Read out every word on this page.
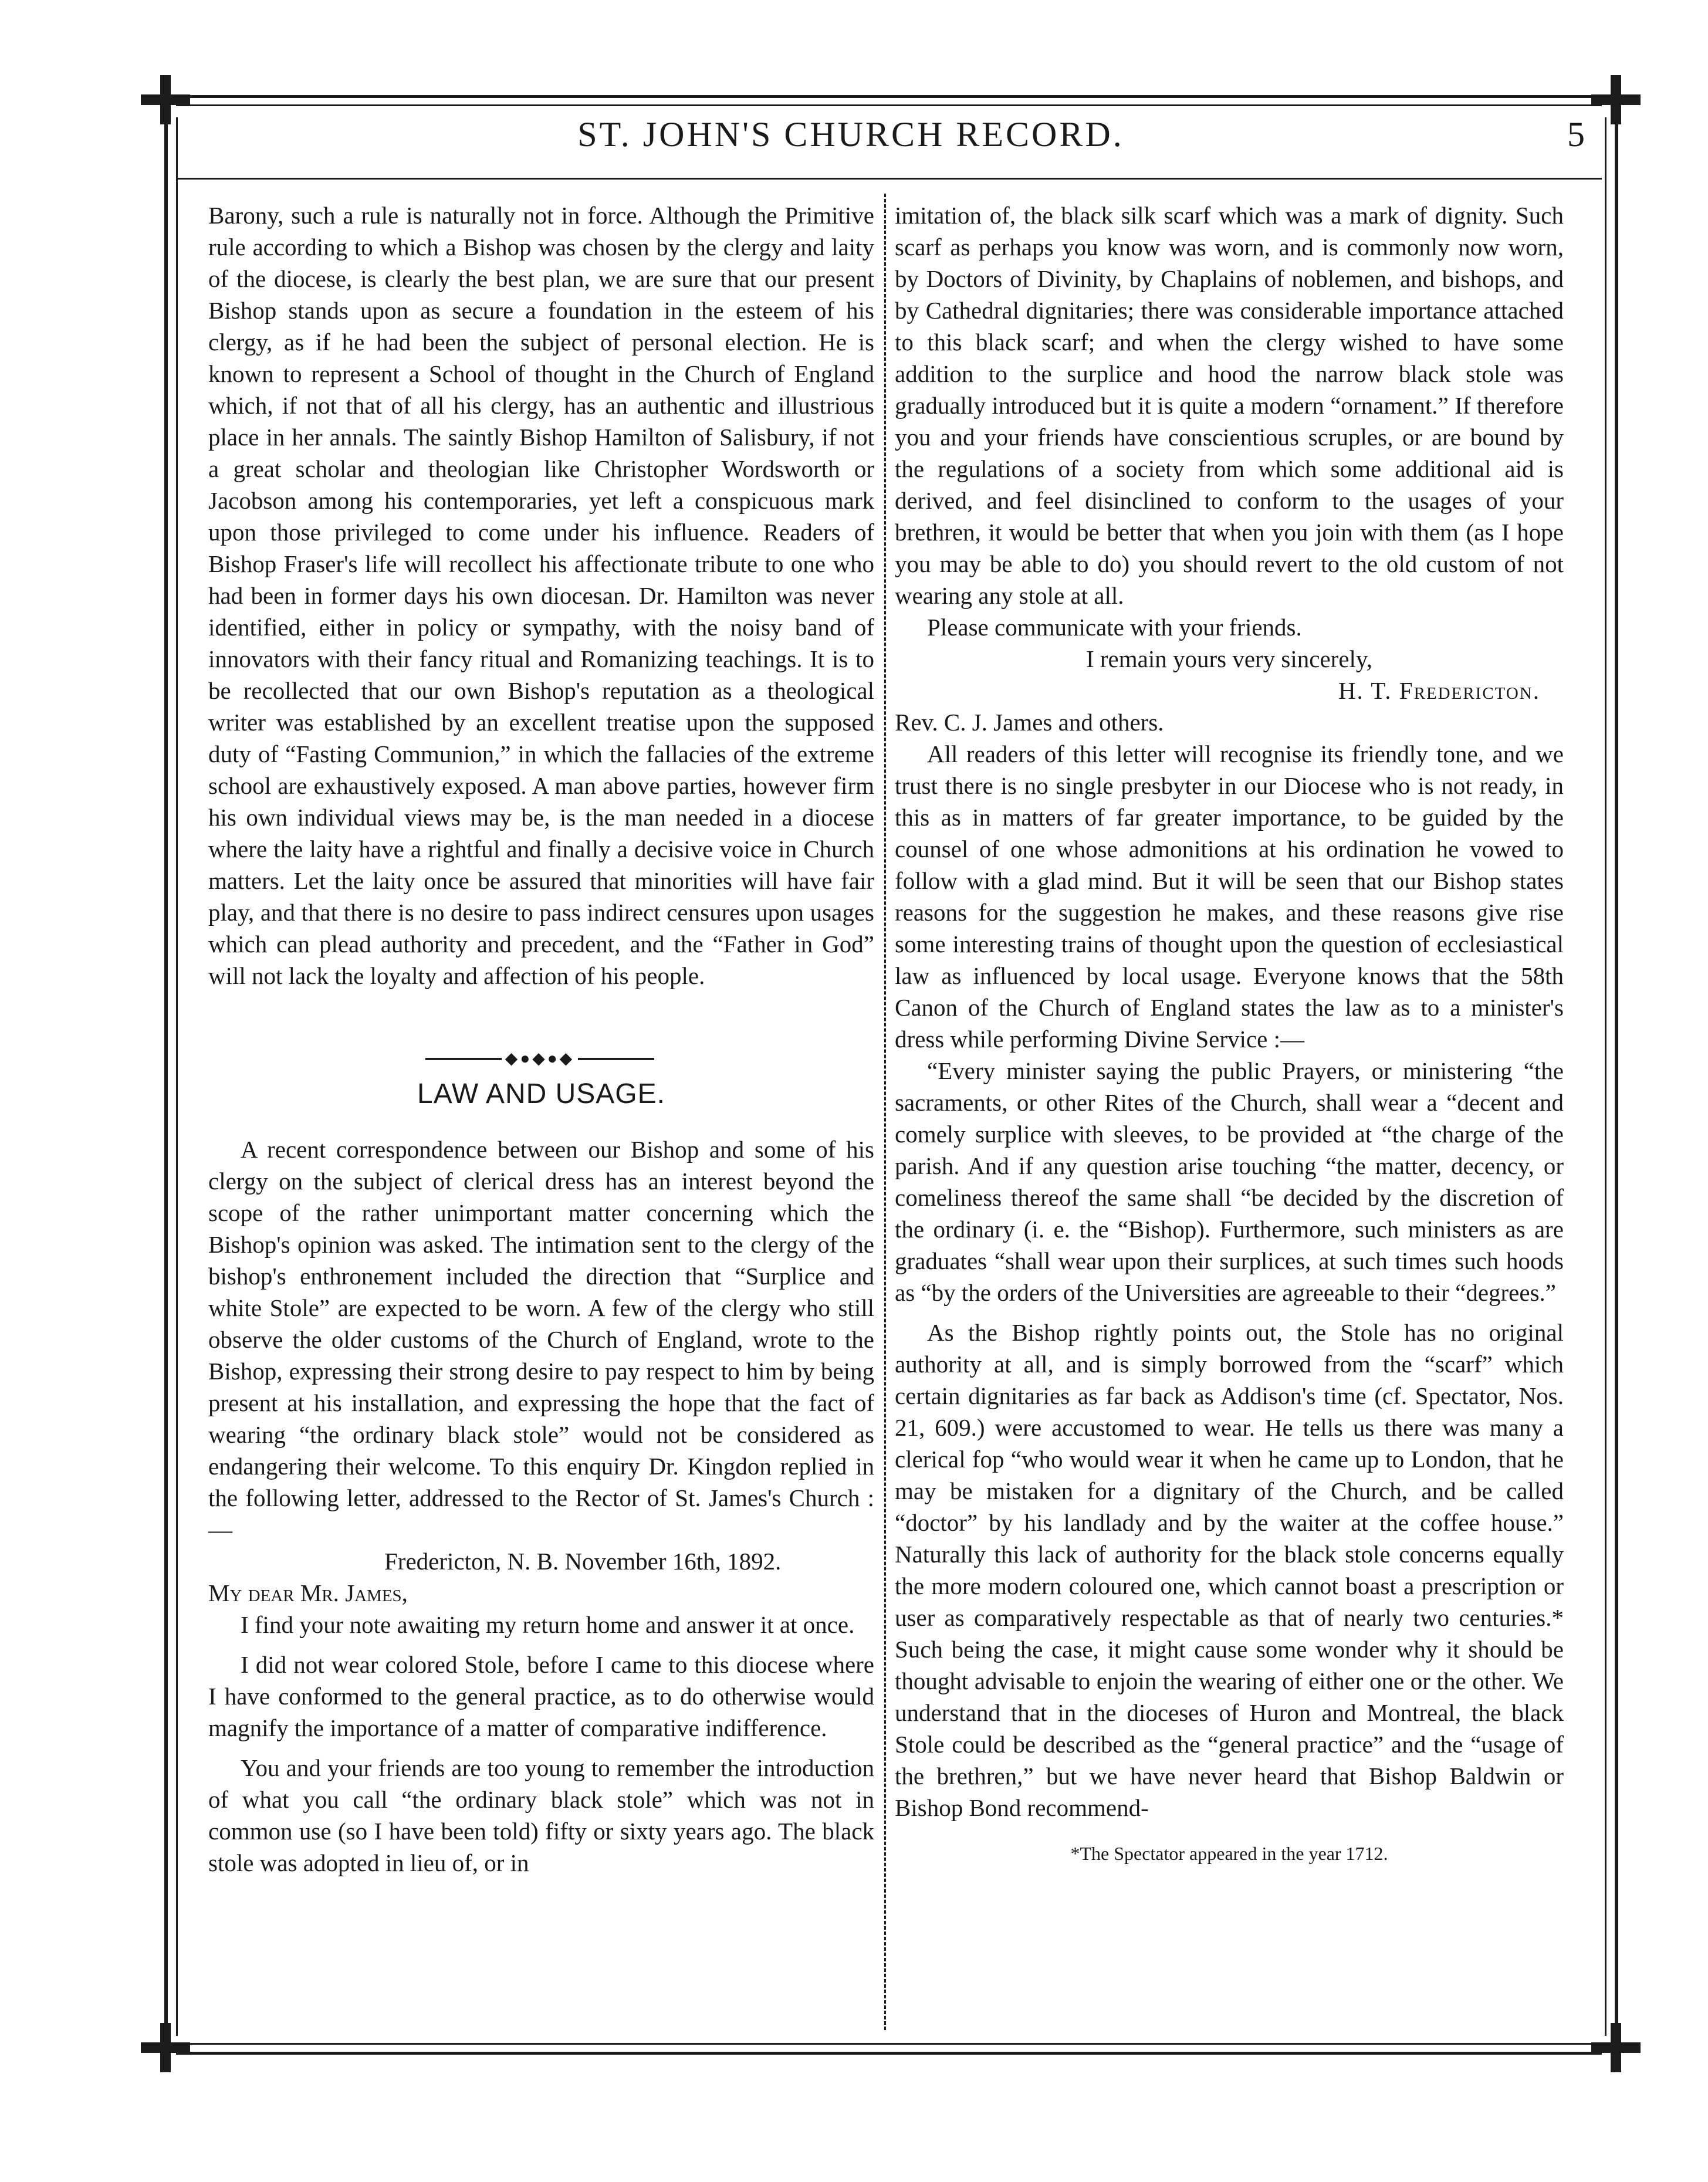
ST. JOHN'S CHURCH RECORD.	5

Barony, such a rule is naturally not in force. Although the Primitive rule according to which a Bishop was chosen by the clergy and laity of the diocese, is clearly the best plan, we are sure that our present Bishop stands upon as secure a foundation in the esteem of his clergy, as if he had been the subject of personal election. He is known to represent a School of thought in the Church of England which, if not that of all his clergy, has an authentic and illustrious place in her annals. The saintly Bishop Hamilton of Salisbury, if not a great scholar and theologian like Christopher Wordsworth or Jacobson among his contemporaries, yet left a conspicuous mark upon those privileged to come under his influence. Readers of Bishop Fraser's life will recollect his affectionate tribute to one who had been in former days his own diocesan. Dr. Hamilton was never identified, either in policy or sympathy, with the noisy band of innovators with their fancy ritual and Romanizing teachings. It is to be recollected that our own Bishop's reputation as a theological writer was established by an excellent treatise upon the supposed duty of “Fasting Communion,” in which the fallacies of the extreme school are exhaustively exposed. A man above parties, however firm his own individual views may be, is the man needed in a diocese where the laity have a rightful and finally a decisive voice in Church matters. Let the laity once be assured that minorities will have fair play, and that there is no desire to pass indirect censures upon usages which can plead authority and precedent, and the “Father in God” will not lack the loyalty and affection of his people.

◆●◆●◆

LAW AND USAGE.

A recent correspondence between our Bishop and some of his clergy on the subject of clerical dress has an interest beyond the scope of the rather unimportant matter concerning which the Bishop's opinion was asked. The intimation sent to the clergy of the bishop's enthronement included the direction that “Surplice and white Stole” are expected to be worn. A few of the clergy who still observe the older customs of the Church of England, wrote to the Bishop, expressing their strong desire to pay respect to him by being present at his installation, and expressing the hope that the fact of wearing “the ordinary black stole” would not be considered as endangering their welcome. To this enquiry Dr. Kingdon replied in the following letter, addressed to the Rector of St. James's Church :—

Fredericton, N. B. November 16th, 1892.

My dear Mr. James,

I find your note awaiting my return home and answer it at once.

I did not wear colored Stole, before I came to this diocese where I have conformed to the general practice, as to do otherwise would magnify the importance of a matter of comparative indifference.

You and your friends are too young to remember the introduction of what you call “the ordinary black stole” which was not in common use (so I have been told) fifty or sixty years ago. The black stole was adopted in lieu of, or in

imitation of, the black silk scarf which was a mark of dignity. Such scarf as perhaps you know was worn, and is commonly now worn, by Doctors of Divinity, by Chaplains of noblemen, and bishops, and by Cathedral dignitaries; there was considerable importance attached to this black scarf; and when the clergy wished to have some addition to the surplice and hood the narrow black stole was gradually introduced but it is quite a modern “ornament.” If therefore you and your friends have conscientious scruples, or are bound by the regulations of a society from which some additional aid is derived, and feel disinclined to conform to the usages of your brethren, it would be better that when you join with them (as I hope you may be able to do) you should revert to the old custom of not wearing any stole at all.

Please communicate with your friends.

I remain yours very sincerely,

H. T. Fredericton.

Rev. C. J. James and others.

All readers of this letter will recognise its friendly tone, and we trust there is no single presbyter in our Diocese who is not ready, in this as in matters of far greater importance, to be guided by the counsel of one whose admonitions at his ordination he vowed to follow with a glad mind. But it will be seen that our Bishop states reasons for the suggestion he makes, and these reasons give rise some interesting trains of thought upon the question of ecclesiastical law as influenced by local usage. Everyone knows that the 58th Canon of the Church of England states the law as to a minister's dress while performing Divine Service :—

“Every minister saying the public Prayers, or ministering “the sacraments, or other Rites of the Church, shall wear a “decent and comely surplice with sleeves, to be provided at “the charge of the parish. And if any question arise touching “the matter, decency, or comeliness thereof the same shall “be decided by the discretion of the ordinary (i. e. the “Bishop). Furthermore, such ministers as are graduates “shall wear upon their surplices, at such times such hoods as “by the orders of the Universities are agreeable to their “degrees.”

As the Bishop rightly points out, the Stole has no original authority at all, and is simply borrowed from the “scarf” which certain dignitaries as far back as Addison's time (cf. Spectator, Nos. 21, 609.) were accustomed to wear. He tells us there was many a clerical fop “who would wear it when he came up to London, that he may be mistaken for a dignitary of the Church, and be called “doctor” by his landlady and by the waiter at the coffee house.” Naturally this lack of authority for the black stole concerns equally the more modern coloured one, which cannot boast a prescription or user as comparatively respectable as that of nearly two centuries.* Such being the case, it might cause some wonder why it should be thought advisable to enjoin the wearing of either one or the other. We understand that in the dioceses of Huron and Montreal, the black Stole could be described as the “general practice” and the “usage of the brethren,” but we have never heard that Bishop Baldwin or Bishop Bond recommend-

*The Spectator appeared in the year 1712.
